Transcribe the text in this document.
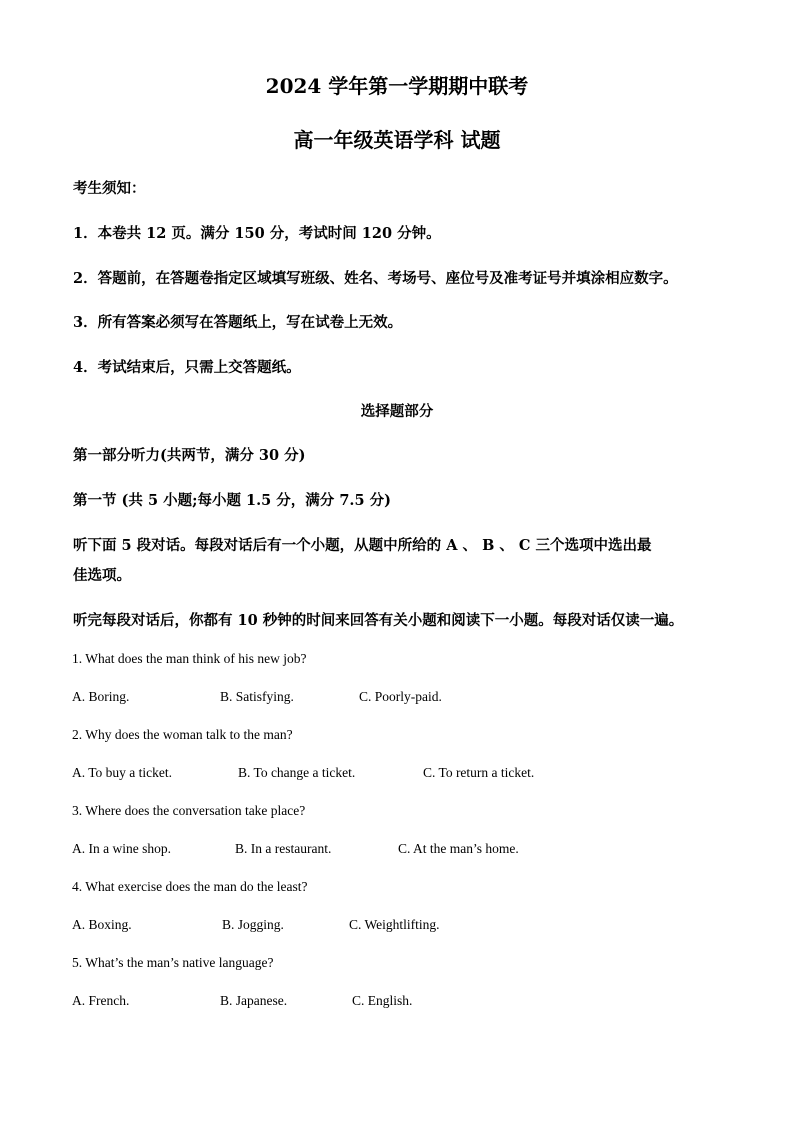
2024 学年第一学期期中联考
高一年级英语学科 试题
考生须知：
1．本卷共 12 页。满分 150 分，考试时间 120 分钟。
2．答题前，在答题卷指定区域填写班级、姓名、考场号、座位号及准考证号并填涂相应数字。
3．所有答案必须写在答题纸上，写在试卷上无效。
4．考试结束后，只需上交答题纸。
选择题部分
第一部分听力(共两节，满分 30 分)
第一节 (共 5 小题;每小题 1.5 分，满分 7.5 分)
听下面 5 段对话。每段对话后有一个小题，从题中所给的 A 、 B 、 C 三个选项中选出最
佳选项。
听完每段对话后，你都有 10 秒钟的时间来回答有关小题和阅读下一小题。每段对话仅读一遍。
1. What does the man think of his new job?
A. Boring.	B. Satisfying.	C. Poorly-paid.
2. Why does the woman talk to the man?
A. To buy a ticket.	B. To change a ticket.	C. To return a ticket.
3. Where does the conversation take place?
A. In a wine shop.	B. In a restaurant.	C. At the man’s home.
4. What exercise does the man do the least?
A. Boxing.	B. Jogging.	C. Weightlifting.
5. What’s the man’s native language?
A. French.	B. Japanese.	C. English.
